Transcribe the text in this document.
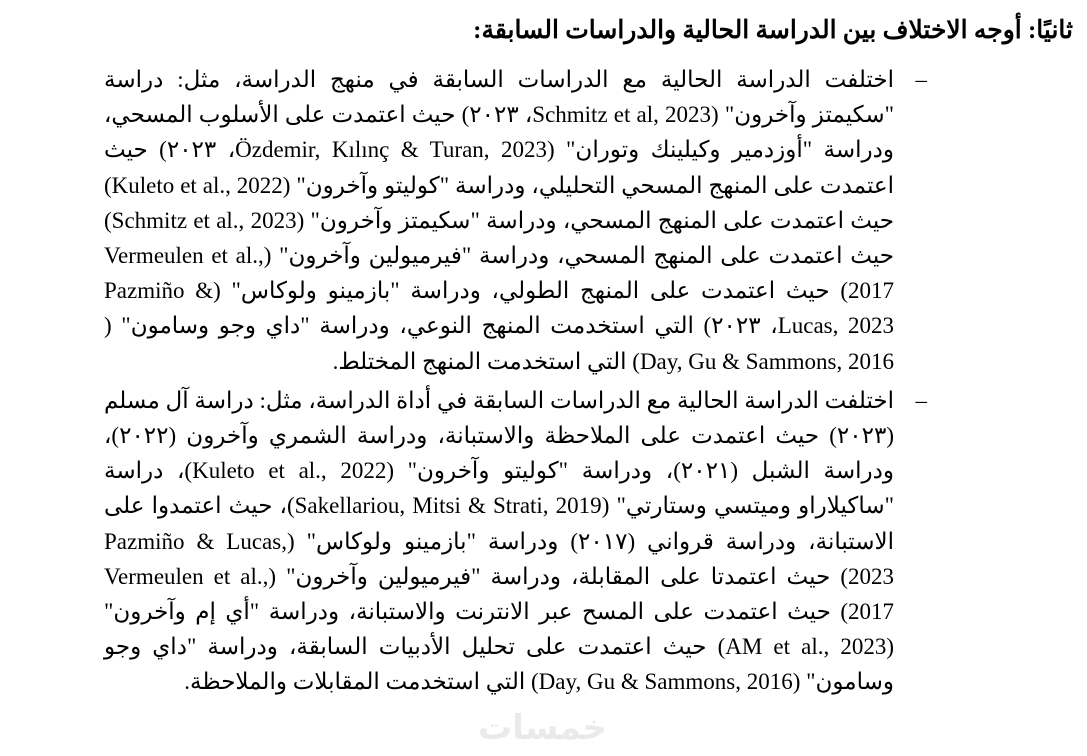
ثانيًا: أوجه الاختلاف بين الدراسة الحالية والدراسات السابقة:
–
اختلفت الدراسة الحالية مع الدراسات السابقة في منهج الدراسة، مثل: دراسة "سكيمتز وآخرون" (Schmitz et al, 2023، ٢٠٢٣) حيث اعتمدت على الأسلوب المسحي، ودراسة "أوزدمير وكيلينك وتوران" (Özdemir, Kılınç & Turan, 2023، ٢٠٢٣) حيث اعتمدت على المنهج المسحي التحليلي، ودراسة "كوليتو وآخرون" (Kuleto et al., 2022) حيث اعتمدت على المنهج المسحي، ودراسة "سكيمتز وآخرون" (Schmitz et al., 2023) حيث اعتمدت على المنهج المسحي، ودراسة "فيرميولين وآخرون" (Vermeulen et al., 2017) حيث اعتمدت على المنهج الطولي، ودراسة "بازمينو ولوكاس" (Pazmiño & Lucas, 2023، ٢٠٢٣) التي استخدمت المنهج النوعي، ودراسة "داي وجو وسامون" ( Day, Gu & Sammons, 2016) التي استخدمت المنهج المختلط.
–
اختلفت الدراسة الحالية مع الدراسات السابقة في أداة الدراسة، مثل: دراسة آل مسلم (٢٠٢٣) حيث اعتمدت على الملاحظة والاستبانة، ودراسة الشمري وآخرون (٢٠٢٢)، ودراسة الشبل (٢٠٢١)، ودراسة "كوليتو وآخرون" (Kuleto et al., 2022)، دراسة "ساكيلاراو وميتسي وستارتي" (Sakellariou, Mitsi & Strati, 2019)، حيث اعتمدوا على الاستبانة، ودراسة قرواني (٢٠١٧) ودراسة "بازمينو ولوكاس" (Pazmiño & Lucas, 2023) حيث اعتمدتا على المقابلة، ودراسة "فيرميولين وآخرون" (Vermeulen et al., 2017) حيث اعتمدت على المسح عبر الانترنت والاستبانة، ودراسة "أي إم وآخرون" (AM et al., 2023) حيث اعتمدت على تحليل الأدبيات السابقة، ودراسة "داي وجو وسامون" (Day, Gu & Sammons, 2016) التي استخدمت المقابلات والملاحظة.
خمسات
